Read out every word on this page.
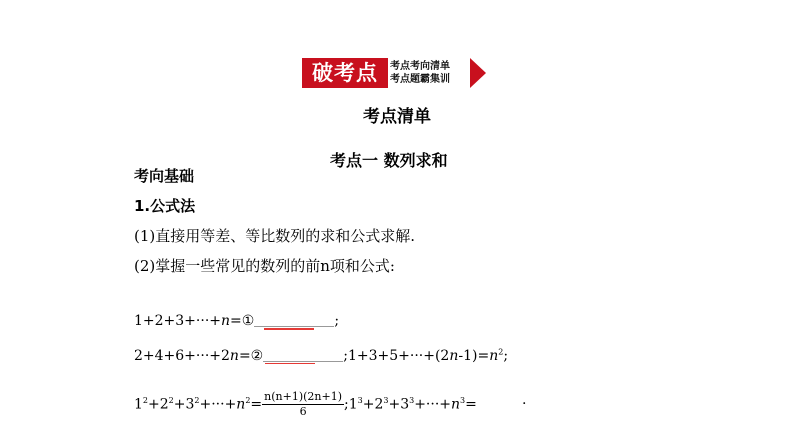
破考点	考点考向清单
考点题霸集训
考点清单
考点一 数列求和
考向基础
1.公式法
(1)直接用等差、等比数列的求和公式求解.
(2)掌握一些常见的数列的前n项和公式:
1+2+3+···+n=①	;
2+4+6+···+2n=②	$;1+3+5+\cdot\cdot\cdot+(2n-1)=n^2$;
$1^2+2^2+3^2+\cdot\cdot\cdot+n^2= \frac{n(n+1)(2n+1)}{6}$ $;1^3+2^3+3^3+\cdot\cdot\cdot+n^3=$	.
